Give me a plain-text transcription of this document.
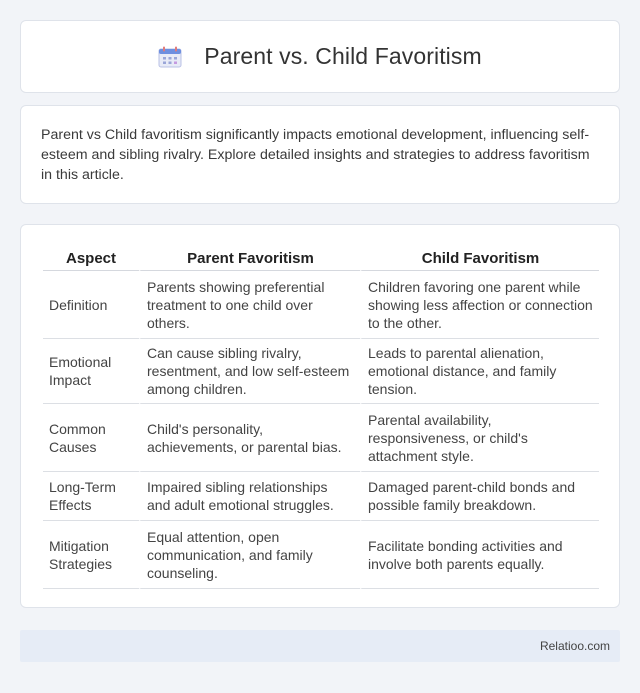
Parent vs. Child Favoritism

Parent vs Child favoritism significantly impacts emotional development, influencing self-esteem and sibling rivalry. Explore detailed insights and strategies to address favoritism in this article.

Aspect	Parent Favoritism	Child Favoritism
Definition	Parents showing preferential treatment to one child over others.	Children favoring one parent while showing less affection or connection to the other.
Emotional Impact	Can cause sibling rivalry, resentment, and low self-esteem among children.	Leads to parental alienation, emotional distance, and family tension.
Common Causes	Child's personality, achievements, or parental bias.	Parental availability, responsiveness, or child's attachment style.
Long-Term Effects	Impaired sibling relationships and adult emotional struggles.	Damaged parent-child bonds and possible family breakdown.
Mitigation Strategies	Equal attention, open communication, and family counseling.	Facilitate bonding activities and involve both parents equally.
Relatioo.com
